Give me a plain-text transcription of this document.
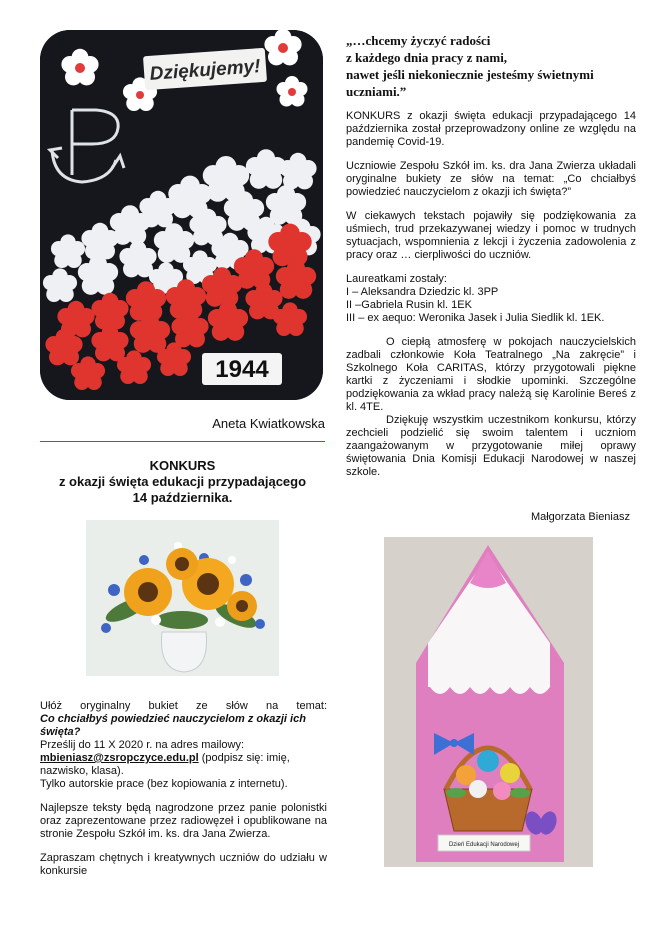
Dziękujemy!
1944
Aneta Kwiatkowska
KONKURS
z okazji święta edukacji przypadającego
14 października.

Ułóż oryginalny bukiet ze słów na temat:

Co chciałbyś powiedzieć nauczycielom z okazji ich święta?

Prześlij do 11 X 2020 r. na adres mailowy:
mbieniasz@zsropczyce.edu.pl (podpisz się: imię, nazwisko, klasa).

Tylko autorskie prace (bez kopiowania z internetu).

Najlepsze teksty będą nagrodzone przez panie polonistki oraz zaprezentowane przez radiowęzeł i opublikowane na stronie Zespołu Szkół im. ks. dra Jana Zwierza.

Zapraszam chętnych i kreatywnych uczniów do udziału w konkursie

„…chcemy życzyć radości
z każdego dnia pracy z nami,
nawet jeśli niekoniecznie jesteśmy świetnymi
uczniami.”

KONKURS z okazji święta edukacji przypadającego 14 października został przeprowadzony online ze względu na pandemię Covid-19.

Uczniowie Zespołu Szkół im. ks. dra Jana Zwierza układali oryginalne bukiety ze słów na temat: „Co chciałbyś powiedzieć nauczycielom z okazji ich święta?”

W ciekawych tekstach pojawiły się podziękowania za uśmiech, trud przekazywanej wiedzy i pomoc w trudnych sytuacjach, wspomnienia z lekcji i życzenia zadowolenia z pracy oraz … cierpliwości do uczniów.

Laureatkami zostały:

I – Aleksandra Dziedzic kl. 3PP

II –Gabriela Rusin kl. 1EK

III – ex aequo: Weronika Jasek i Julia Siedlik kl. 1EK.

O ciepłą atmosferę w pokojach nauczycielskich zadbali członkowie Koła Teatralnego „Na zakręcie” i Szkolnego Koła CARITAS, którzy przygotowali piękne kartki z życzeniami i słodkie upominki. Szczególne podziękowania za wkład pracy należą się Karolinie Bereś z kl. 4TE.

Dziękuję wszystkim uczestnikom konkursu, którzy zechcieli podzielić się swoim talentem i uczniom zaangażowanym w przygotowanie miłej oprawy świętowania Dnia Komisji Edukacji Narodowej w naszej szkole.

Małgorzata Bieniasz
Dzień Edukacji Narodowej
